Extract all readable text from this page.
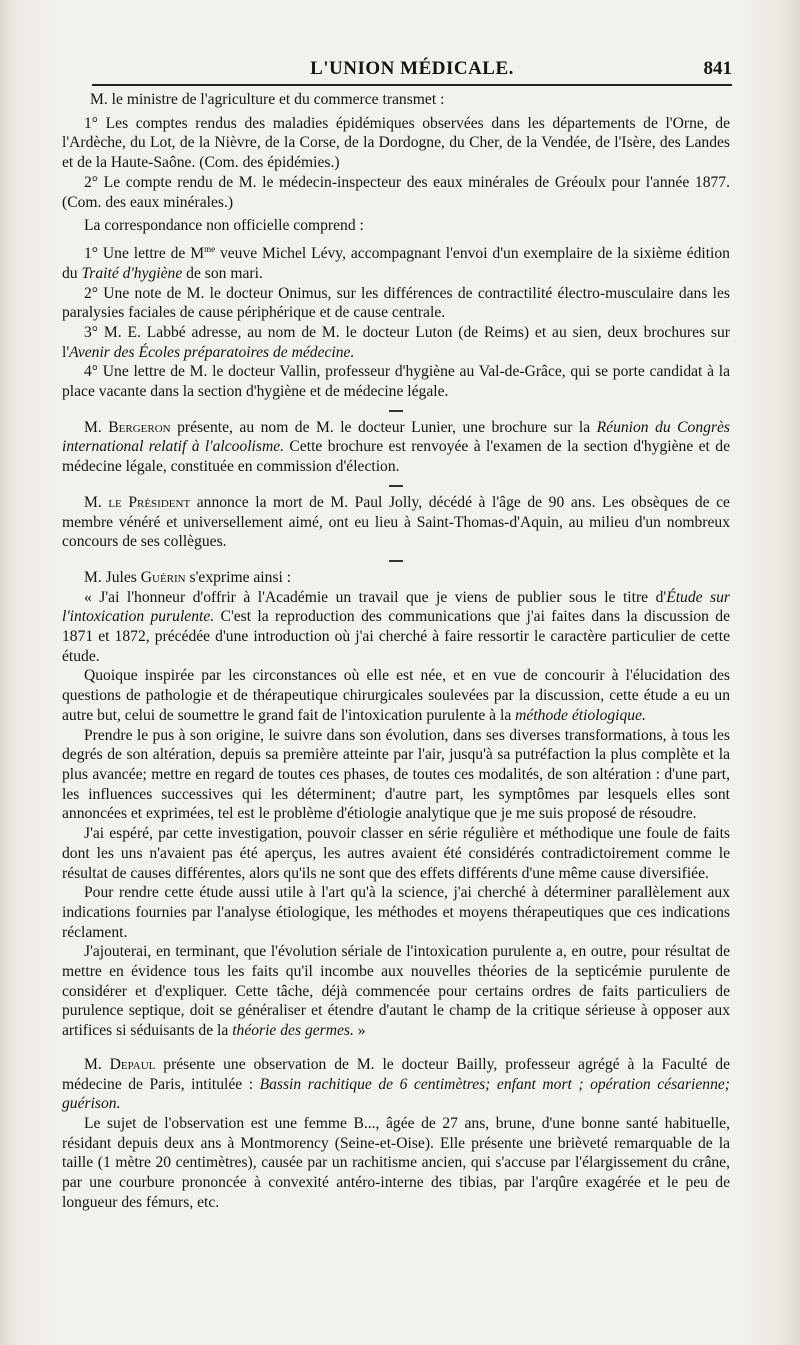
L'UNION MÉDICALE.	841

M. le ministre de l'agriculture et du commerce transmet :

1° Les comptes rendus des maladies épidémiques observées dans les départements de l'Orne, de l'Ardèche, du Lot, de la Nièvre, de la Corse, de la Dordogne, du Cher, de la Vendée, de l'Isère, des Landes et de la Haute-Saône. (Com. des épidémies.)

2° Le compte rendu de M. le médecin-inspecteur des eaux minérales de Gréoulx pour l'année 1877. (Com. des eaux minérales.)

La correspondance non officielle comprend :

1° Une lettre de $M^{me}$ veuve Michel Lévy, accompagnant l'envoi d'un exemplaire de la sixième édition du Traité d'hygiène de son mari.

2° Une note de M. le docteur Onimus, sur les différences de contractilité électro-musculaire dans les paralysies faciales de cause périphérique et de cause centrale.

3° M. E. Labbé adresse, au nom de M. le docteur Luton (de Reims) et au sien, deux brochures sur l'Avenir des Écoles préparatoires de médecine.

4° Une lettre de M. le docteur Vallin, professeur d'hygiène au Val-de-Grâce, qui se porte candidat à la place vacante dans la section d'hygiène et de médecine légale.

M. Bergeron présente, au nom de M. le docteur Lunier, une brochure sur la Réunion du Congrès international relatif à l'alcoolisme. Cette brochure est renvoyée à l'examen de la section d'hygiène et de médecine légale, constituée en commission d'élection.

M. le Président annonce la mort de M. Paul Jolly, décédé à l'âge de 90 ans. Les obsèques de ce membre vénéré et universellement aimé, ont eu lieu à Saint-Thomas-d'Aquin, au milieu d'un nombreux concours de ses collègues.

M. Jules Guérin s'exprime ainsi :

« J'ai l'honneur d'offrir à l'Académie un travail que je viens de publier sous le titre d'Étude sur l'intoxication purulente. C'est la reproduction des communications que j'ai faites dans la discussion de 1871 et 1872, précédée d'une introduction où j'ai cherché à faire ressortir le caractère particulier de cette étude.

Quoique inspirée par les circonstances où elle est née, et en vue de concourir à l'élucidation des questions de pathologie et de thérapeutique chirurgicales soulevées par la discussion, cette étude a eu un autre but, celui de soumettre le grand fait de l'intoxication purulente à la méthode étiologique.

Prendre le pus à son origine, le suivre dans son évolution, dans ses diverses transformations, à tous les degrés de son altération, depuis sa première atteinte par l'air, jusqu'à sa putréfaction la plus complète et la plus avancée; mettre en regard de toutes ces phases, de toutes ces modalités, de son altération : d'une part, les influences successives qui les déterminent; d'autre part, les symptômes par lesquels elles sont annoncées et exprimées, tel est le problème d'étiologie analytique que je me suis proposé de résoudre.

J'ai espéré, par cette investigation, pouvoir classer en série régulière et méthodique une foule de faits dont les uns n'avaient pas été aperçus, les autres avaient été considérés contradictoirement comme le résultat de causes différentes, alors qu'ils ne sont que des effets différents d'une même cause diversifiée.

Pour rendre cette étude aussi utile à l'art qu'à la science, j'ai cherché à déterminer parallèlement aux indications fournies par l'analyse étiologique, les méthodes et moyens thérapeutiques que ces indications réclament.

J'ajouterai, en terminant, que l'évolution sériale de l'intoxication purulente a, en outre, pour résultat de mettre en évidence tous les faits qu'il incombe aux nouvelles théories de la septicémie purulente de considérer et d'expliquer. Cette tâche, déjà commencée pour certains ordres de faits particuliers de purulence septique, doit se généraliser et étendre d'autant le champ de la critique sérieuse à opposer aux artifices si séduisants de la théorie des germes. »

M. Depaul présente une observation de M. le docteur Bailly, professeur agrégé à la Faculté de médecine de Paris, intitulée : Bassin rachitique de 6 centimètres; enfant mort ; opération césarienne; guérison.

Le sujet de l'observation est une femme B..., âgée de 27 ans, brune, d'une bonne santé habituelle, résidant depuis deux ans à Montmorency (Seine-et-Oise). Elle présente une brièveté remarquable de la taille (1 mètre 20 centimètres), causée par un rachitisme ancien, qui s'accuse par l'élargissement du crâne, par une courbure prononcée à convexité antéro-interne des tibias, par l'arqûre exagérée et le peu de longueur des fémurs, etc.
